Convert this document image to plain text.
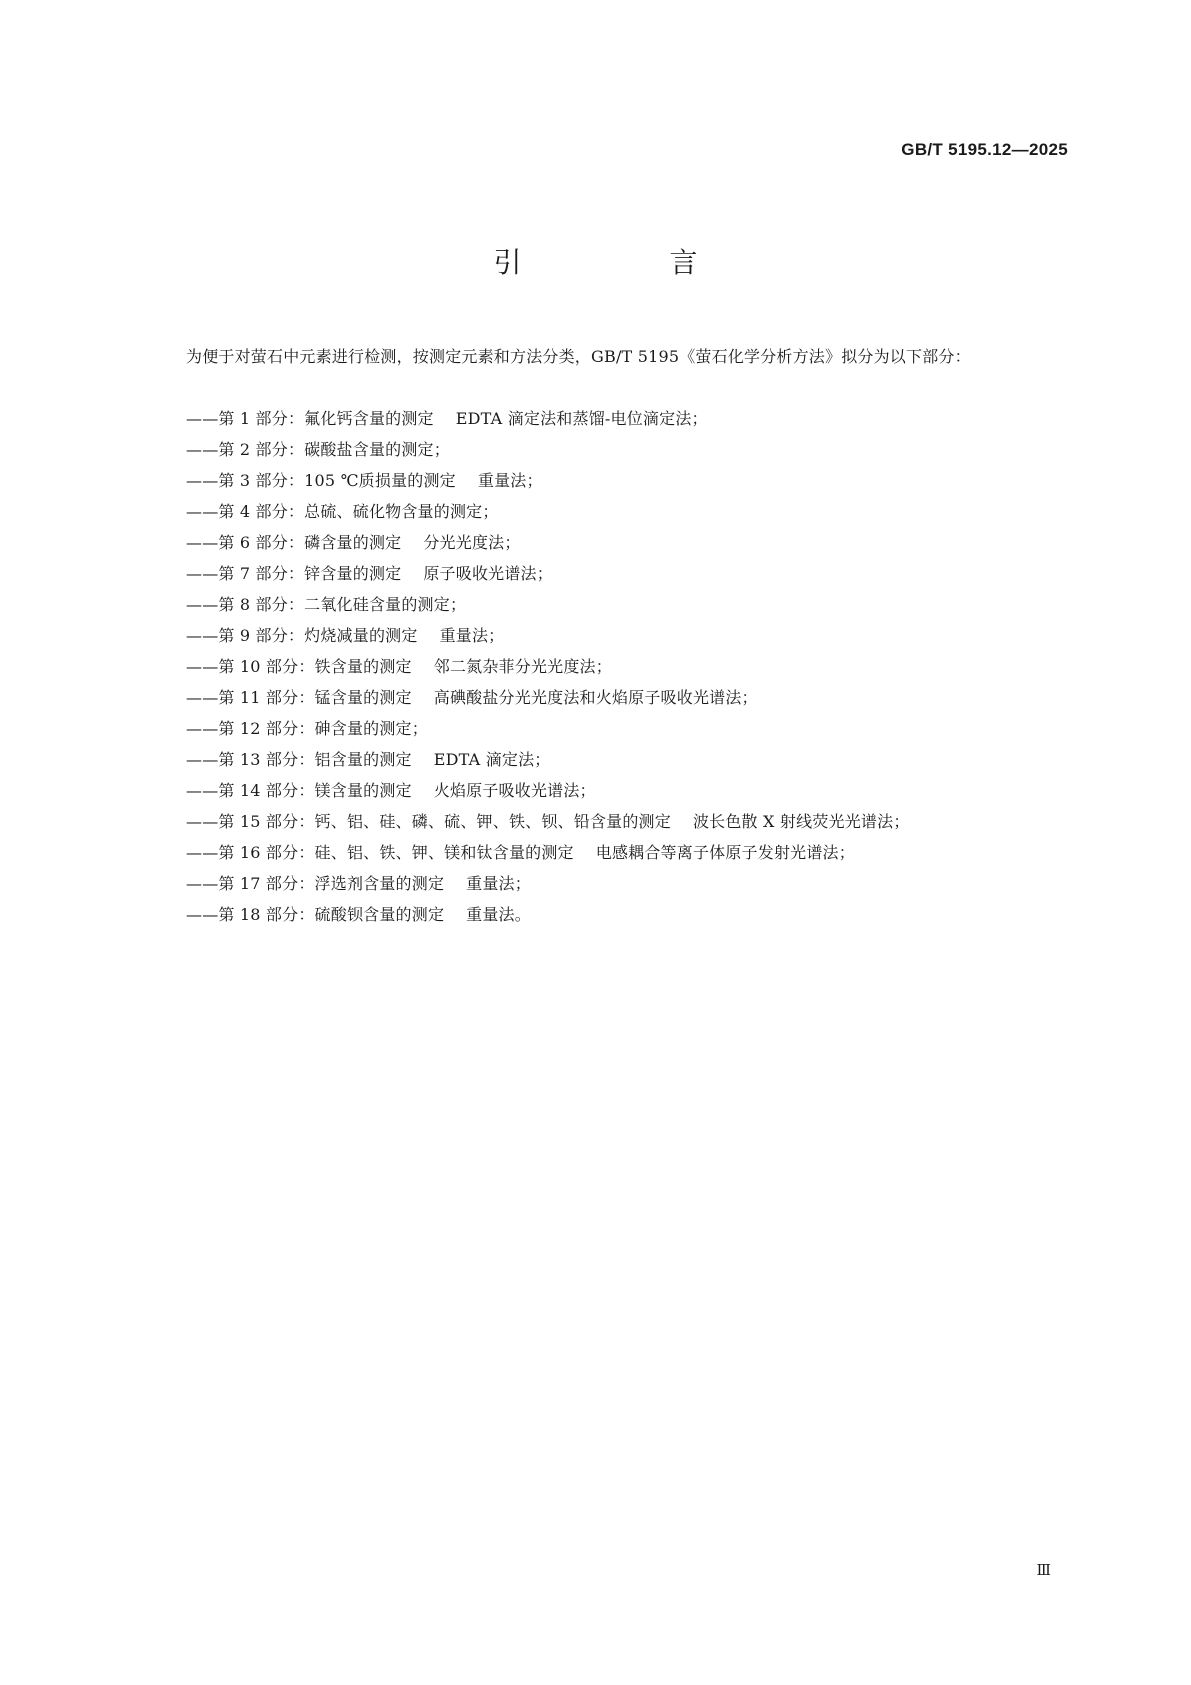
GB/T 5195.12—2025
引　言

为便于对萤石中元素进行检测，按测定元素和方法分类，GB/T 5195《萤石化学分析方法》拟分为以下部分：

——第 1 部分：氟化钙含量的测定 EDTA 滴定法和蒸馏-电位滴定法；
——第 2 部分：碳酸盐含量的测定；
——第 3 部分：105 ℃质损量的测定 重量法；
——第 4 部分：总硫、硫化物含量的测定；
——第 6 部分：磷含量的测定 分光光度法；
——第 7 部分：锌含量的测定 原子吸收光谱法；
——第 8 部分：二氧化硅含量的测定；
——第 9 部分：灼烧减量的测定 重量法；
——第 10 部分：铁含量的测定 邻二氮杂菲分光光度法；
——第 11 部分：锰含量的测定 高碘酸盐分光光度法和火焰原子吸收光谱法；
——第 12 部分：砷含量的测定；
——第 13 部分：铝含量的测定 EDTA 滴定法；
——第 14 部分：镁含量的测定 火焰原子吸收光谱法；
——第 15 部分：钙、铝、硅、磷、硫、钾、铁、钡、铅含量的测定 波长色散 X 射线荧光光谱法；
——第 16 部分：硅、铝、铁、钾、镁和钛含量的测定 电感耦合等离子体原子发射光谱法；
——第 17 部分：浮选剂含量的测定 重量法；
——第 18 部分：硫酸钡含量的测定 重量法。
Ⅲ
